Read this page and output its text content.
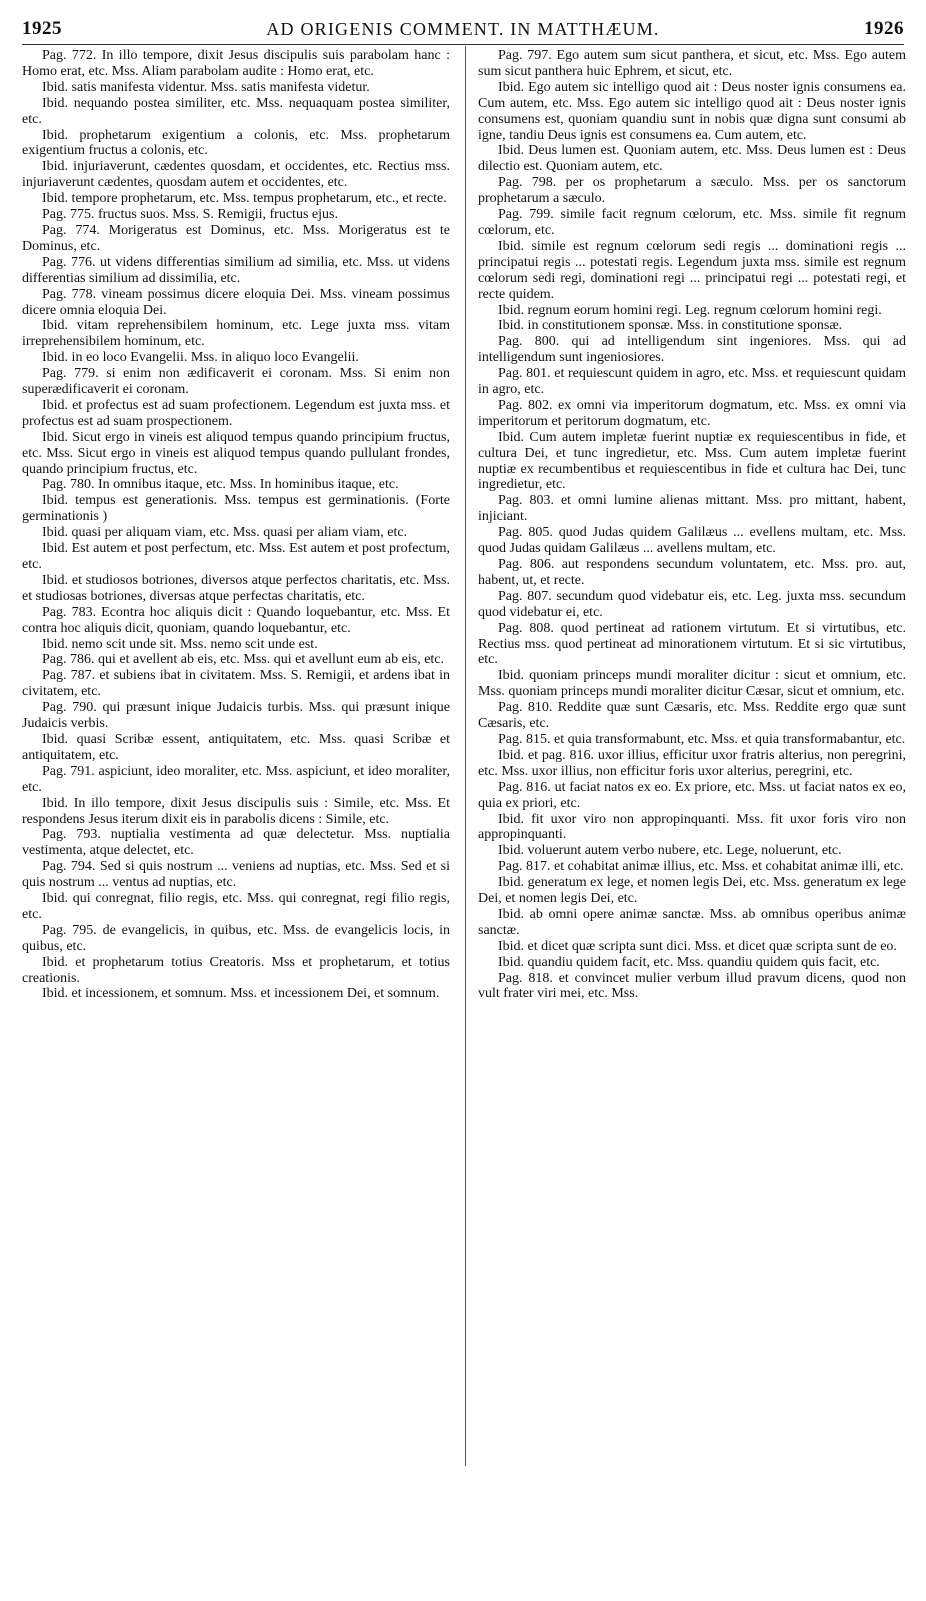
1925	AD ORIGENIS COMMENT. IN MATTHÆUM.	1926

Pag. 772. In illo tempore, dixit Jesus discipulis suis parabolam hanc : Homo erat, etc. Mss. Aliam parabolam audite : Homo erat, etc.

Ibid. satis manifesta videntur. Mss. satis manifesta videtur.

Ibid. nequando postea similiter, etc. Mss. nequaquam postea similiter, etc.

Ibid. prophetarum exigentium a colonis, etc. Mss. prophetarum exigentium fructus a colonis, etc.

Ibid. injuriaverunt, cædentes quosdam, et occidentes, etc. Rectius mss. injuriaverunt cædentes, quosdam autem et occidentes, etc.

Ibid. tempore prophetarum, etc. Mss. tempus prophetarum, etc., et recte.

Pag. 775. fructus suos. Mss. S. Remigii, fructus ejus.

Pag. 774. Morigeratus est Dominus, etc. Mss. Morigeratus est te Dominus, etc.

Pag. 776. ut videns differentias similium ad similia, etc. Mss. ut videns differentias similium ad dissimilia, etc.

Pag. 778. vineam possimus dicere eloquia Dei. Mss. vineam possimus dicere omnia eloquia Dei.

Ibid. vitam reprehensibilem hominum, etc. Lege juxta mss. vitam irreprehensibilem hominum, etc.

Ibid. in eo loco Evangelii. Mss. in aliquo loco Evangelii.

Pag. 779. si enim non ædificaverit ei coronam. Mss. Si enim non superædificaverit ei coronam.

Ibid. et profectus est ad suam profectionem. Legendum est juxta mss. et profectus est ad suam prospectionem.

Ibid. Sicut ergo in vineis est aliquod tempus quando principium fructus, etc. Mss. Sicut ergo in vineis est aliquod tempus quando pullulant frondes, quando principium fructus, etc.

Pag. 780. In omnibus itaque, etc. Mss. In hominibus itaque, etc.

Ibid. tempus est generationis. Mss. tempus est germinationis. (Forte germinationis )

Ibid. quasi per aliquam viam, etc. Mss. quasi per aliam viam, etc.

Ibid. Est autem et post perfectum, etc. Mss. Est autem et post profectum, etc.

Ibid. et studiosos botriones, diversos atque perfectos charitatis, etc. Mss. et studiosas botriones, diversas atque perfectas charitatis, etc.

Pag. 783. Econtra hoc aliquis dicit : Quando loquebantur, etc. Mss. Et contra hoc aliquis dicit, quoniam, quando loquebantur, etc.

Ibid. nemo scit unde sit. Mss. nemo scit unde est.

Pag. 786. qui et avellent ab eis, etc. Mss. qui et avellunt eum ab eis, etc.

Pag. 787. et subiens ibat in civitatem. Mss. S. Remigii, et ardens ibat in civitatem, etc.

Pag. 790. qui præsunt inique Judaicis turbis. Mss. qui præsunt inique Judaicis verbis.

Ibid. quasi Scribæ essent, antiquitatem, etc. Mss. quasi Scribæ et antiquitatem, etc.

Pag. 791. aspiciunt, ideo moraliter, etc. Mss. aspiciunt, et ideo moraliter, etc.

Ibid. In illo tempore, dixit Jesus discipulis suis : Simile, etc. Mss. Et respondens Jesus iterum dixit eis in parabolis dicens : Simile, etc.

Pag. 793. nuptialia vestimenta ad quæ delectetur. Mss. nuptialia vestimenta, atque delectet, etc.

Pag. 794. Sed si quis nostrum ... veniens ad nuptias, etc. Mss. Sed et si quis nostrum ... ventus ad nuptias, etc.

Ibid. qui conregnat, filio regis, etc. Mss. qui conregnat, regi filio regis, etc.

Pag. 795. de evangelicis, in quibus, etc. Mss. de evangelicis locis, in quibus, etc.

Ibid. et prophetarum totius Creatoris. Mss et prophetarum, et totius creationis.

Ibid. et incessionem, et somnum. Mss. et incessionem Dei, et somnum.

Pag. 797. Ego autem sum sicut panthera, et sicut, etc. Mss. Ego autem sum sicut panthera huic Ephrem, et sicut, etc.

Ibid. Ego autem sic intelligo quod ait : Deus noster ignis consumens ea. Cum autem, etc. Mss. Ego autem sic intelligo quod ait : Deus noster ignis consumens est, quoniam quandiu sunt in nobis quæ digna sunt consumi ab igne, tandiu Deus ignis est consumens ea. Cum autem, etc.

Ibid. Deus lumen est. Quoniam autem, etc. Mss. Deus lumen est : Deus dilectio est. Quoniam autem, etc.

Pag. 798. per os prophetarum a sæculo. Mss. per os sanctorum prophetarum a sæculo.

Pag. 799. simile facit regnum cœlorum, etc. Mss. simile fit regnum cœlorum, etc.

Ibid. simile est regnum cœlorum sedi regis ... dominationi regis ... principatui regis ... potestati regis. Legendum juxta mss. simile est regnum cœlorum sedi regi, dominationi regi ... principatui regi ... potestati regi, et recte quidem.

Ibid. regnum eorum homini regi. Leg. regnum cœlorum homini regi.

Ibid. in constitutionem sponsæ. Mss. in constitutione sponsæ.

Pag. 800. qui ad intelligendum sint ingeniores. Mss. qui ad intelligendum sunt ingeniosiores.

Pag. 801. et requiescunt quidem in agro, etc. Mss. et requiescunt quidam in agro, etc.

Pag. 802. ex omni via imperitorum dogmatum, etc. Mss. ex omni via imperitorum et peritorum dogmatum, etc.

Ibid. Cum autem impletæ fuerint nuptiæ ex requiescentibus in fide, et cultura Dei, et tunc ingredietur, etc. Mss. Cum autem impletæ fuerint nuptiæ ex recumbentibus et requiescentibus in fide et cultura hac Dei, tunc ingredietur, etc.

Pag. 803. et omni lumine alienas mittant. Mss. pro mittant, habent, injiciant.

Pag. 805. quod Judas quidem Galilæus ... evellens multam, etc. Mss. quod Judas quidam Galilæus ... avellens multam, etc.

Pag. 806. aut respondens secundum voluntatem, etc. Mss. pro. aut, habent, ut, et recte.

Pag. 807. secundum quod videbatur eis, etc. Leg. juxta mss. secundum quod videbatur ei, etc.

Pag. 808. quod pertineat ad rationem virtutum. Et si virtutibus, etc. Rectius mss. quod pertineat ad minorationem virtutum. Et si sic virtutibus, etc.

Ibid. quoniam princeps mundi moraliter dicitur : sicut et omnium, etc. Mss. quoniam princeps mundi moraliter dicitur Cæsar, sicut et omnium, etc.

Pag. 810. Reddite quæ sunt Cæsaris, etc. Mss. Reddite ergo quæ sunt Cæsaris, etc.

Pag. 815. et quia transformabunt, etc. Mss. et quia transformabantur, etc.

Ibid. et pag. 816. uxor illius, efficitur uxor fratris alterius, non peregrini, etc. Mss. uxor illius, non efficitur foris uxor alterius, peregrini, etc.

Pag. 816. ut faciat natos ex eo. Ex priore, etc. Mss. ut faciat natos ex eo, quia ex priori, etc.

Ibid. fit uxor viro non appropinquanti. Mss. fit uxor foris viro non appropinquanti.

Ibid. voluerunt autem verbo nubere, etc. Lege, noluerunt, etc.

Pag. 817. et cohabitat animæ illius, etc. Mss. et cohabitat animæ illi, etc.

Ibid. generatum ex lege, et nomen legis Dei, etc. Mss. generatum ex lege Dei, et nomen legis Dei, etc.

Ibid. ab omni opere animæ sanctæ. Mss. ab omnibus operibus animæ sanctæ.

Ibid. et dicet quæ scripta sunt dici. Mss. et dicet quæ scripta sunt de eo.

Ibid. quandiu quidem facit, etc. Mss. quandiu quidem quis facit, etc.

Pag. 818. et convincet mulier verbum illud pravum dicens, quod non vult frater viri mei, etc. Mss.
